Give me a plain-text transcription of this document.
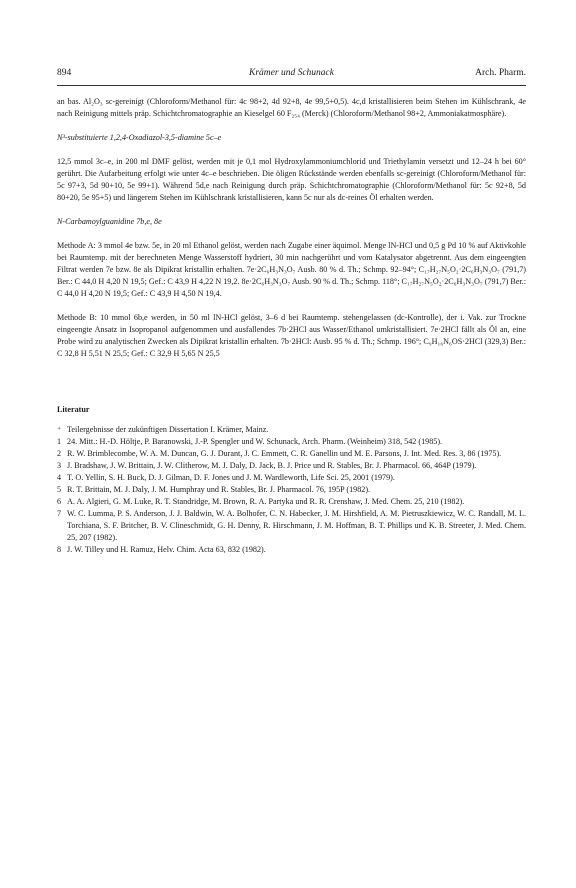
894	Krämer und Schunack	Arch. Pharm.

an bas. Al₂O₃ sc-gereinigt (Chloroform/Methanol für: 4c 98+2, 4d 92+8, 4e 99,5+0,5). 4c,d kristallisieren beim Stehen im Kühlschrank, 4e nach Reinigung mittels präp. Schichtchromatographie an Kieselgel 60 F₂₅₄ (Merck) (Chloroform/Methanol 98+2, Ammoniakatmosphäre).

N³-substituierte 1,2,4-Oxadiazol-3,5-diamine 5c–e

12,5 mmol 3c–e, in 200 ml DMF gelöst, werden mit je 0,1 mol Hydroxylammoniumchlorid und Triethylamin versetzt und 12–24 h bei 60° gerührt. Die Aufarbeitung erfolgt wie unter 4c–e beschrieben. Die öligen Rückstände werden ebenfalls sc-gereinigt (Chloroform/Methanol für: 5c 97+3, 5d 90+10, 5e 99+1). Während 5d,e nach Reinigung durch präp. Schichtchromatographie (Chloroform/Methanol für: 5c 92+8, 5d 80+20, 5e 95+5) und längerem Stehen im Kühlschrank kristallisieren, kann 5c nur als dc-reines Öl erhalten werden.

N-Carbamoylguanidine 7b,e, 8e

Methode A: 3 mmol 4e bzw. 5e, in 20 ml Ethanol gelöst, werden nach Zugabe einer äquimol. Menge lN-HCl und 0,5 g Pd 10 % auf Aktivkohle bei Raumtemp. mit der berechneten Menge Wasserstoff hydriert, 30 min nachgerührt und vom Katalysator abgetrennt. Aus dem eingeengten Filtrat werden 7e bzw. 8e als Dipikrat kristallin erhalten. 7e·2C₆H₃N₃O₇ Ausb. 80 % d. Th.; Schmp. 92–94°; C₁₇H₂₇N₅O₂·2C₆H₃N₃O₇ (791,7) Ber.: C 44,0 H 4,20 N 19,5; Gef.: C 43,9 H 4,22 N 19,2. 8e·2C₆H₃N₃O₇ Ausb. 90 % d. Th.; Schmp. 118°; C₁₇H₂₇N₅O₂·2C₆H₃N₃O₇ (791,7) Ber.: C 44,0 H 4,20 N 19,5; Gef.: C 43,9 H 4,50 N 19,4.

Methode B: 10 mmol 6b,e werden, in 50 ml lN-HCl gelöst, 3–6 d bei Raumtemp. stehengelassen (dc-Kontrolle), der i. Vak. zur Trockne eingeengte Ansatz in Isopropanol aufgenommen und ausfallendes 7b·2HCl aus Wasser/Ethanol umkristallisiert. 7e·2HCl fällt als Öl an, eine Probe wird zu analytischen Zwecken als Dipikrat kristallin erhalten. 7b·2HCl: Ausb. 95 % d. Th.; Schmp. 196°; C₉H₁₆N₆OS·2HCl (329,3) Ber.: C 32,8 H 5,51 N 25,5; Gef.: C 32,9 H 5,65 N 25,5

Literatur
⁺ Teilergebnisse der zukünftigen Dissertation I. Krämer, Mainz.
1 24. Mitt.: H.-D. Höltje, P. Baranowski, J.-P. Spengler und W. Schunack, Arch. Pharm. (Weinheim) 318, 542 (1985).
2 R. W. Brimblecombe, W. A. M. Duncan, G. J. Durant, J. C. Emmett, C. R. Ganellin und M. E. Parsons, J. Int. Med. Res. 3, 86 (1975).
3 J. Bradshaw, J. W. Brittain, J. W. Clitherow, M. J. Daly, D. Jack, B. J. Price und R. Stables, Br. J. Pharmacol. 66, 464P (1979).
4 T. O. Yellin, S. H. Buck, D. J. Gilman, D. F. Jones und J. M. Wardleworth, Life Sci. 25, 2001 (1979).
5 R. T. Brittain, M. J. Daly, J. M. Humphray und R. Stables, Br. J. Pharmacol. 76, 195P (1982).
6 A. A. Algieri, G. M. Luke, R. T. Standridge, M. Brown, R. A. Partyka und R. R. Crenshaw, J. Med. Chem. 25, 210 (1982).
7 W. C. Lumma, P. S. Anderson, J. J. Baldwin, W. A. Bolhofer, C. N. Habecker, J. M. Hirshfield, A. M. Pietruszkiewicz, W. C. Randall, M. L. Torchiana, S. F. Britcher, B. V. Clineschmidt, G. H. Denny, R. Hirschmann, J. M. Hoffman, B. T. Phillips und K. B. Streeter, J. Med. Chem. 25, 207 (1982).
8 J. W. Tilley und H. Ramuz, Helv. Chim. Acta 63, 832 (1982).
